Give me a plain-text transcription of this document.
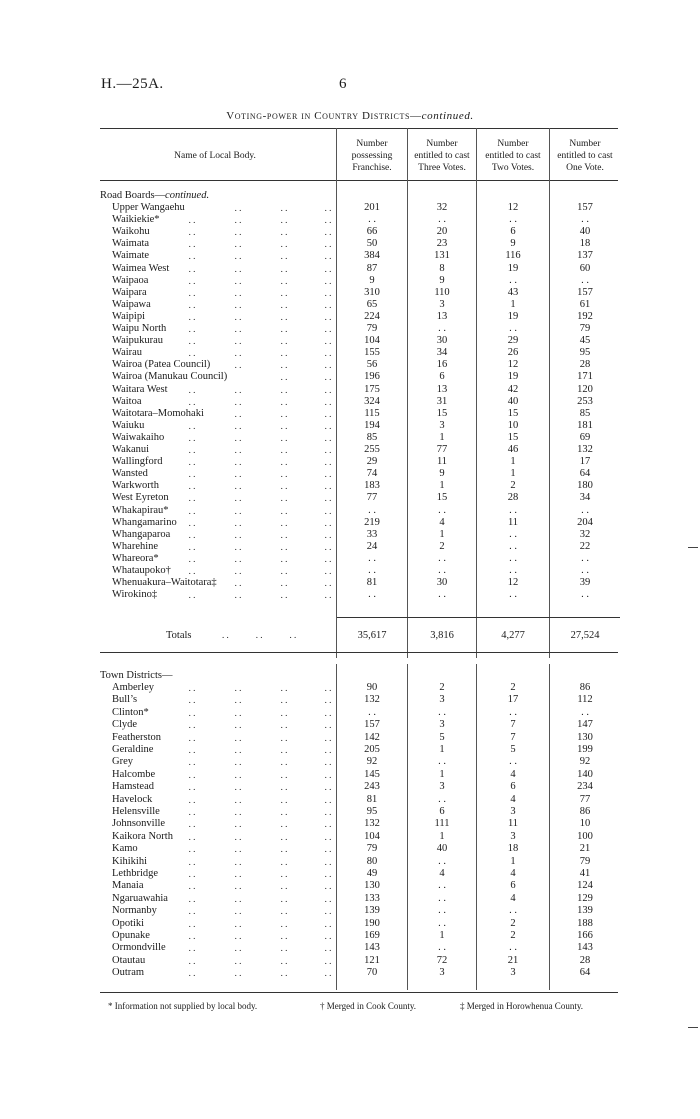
H.—25A.	6
Voting-power in Country Districts—continued.
Name of Local Body.
Number
possessing
Franchise.
Number
entitled to cast
Three Votes.
Number
entitled to cast
Two Votes.
Number
entitled to cast
One Vote.
Road Boards—continued.
Upper Wangaehu	. .	. .	. .	201	32	12	157
Waikiekie*	. .	. .	. .	. .	. .	. .	. .	. .
Waikohu	. .	. .	. .	. .	66	20	6	40
Waimata	. .	. .	. .	. .	50	23	9	18
Waimate	. .	. .	. .	. .	384	131	116	137
Waimea West	. .	. .	. .	. .	87	8	19	60
Waipaoa	. .	. .	. .	. .	9	9	. .	. .
Waipara	. .	. .	. .	. .	310	110	43	157
Waipawa	. .	. .	. .	. .	65	3	1	61
Waipipi	. .	. .	. .	. .	224	13	19	192
Waipu North	. .	. .	. .	. .	79	. .	. .	79
Waipukurau	. .	. .	. .	. .	104	30	29	45
Wairau	. .	. .	. .	. .	155	34	26	95
Wairoa (Patea Council)	. .	. .	. .	56	16	12	28
Wairoa (Manukau Council)	. .	. .	196	6	19	171
Waitara West	. .	. .	. .	. .	175	13	42	120
Waitoa	. .	. .	. .	. .	324	31	40	253
Waitotara–Momohaki	. .	. .	. .	115	15	15	85
Waiuku	. .	. .	. .	. .	194	3	10	181
Waiwakaiho	. .	. .	. .	. .	85	1	15	69
Wakanui	. .	. .	. .	. .	255	77	46	132
Wallingford	. .	. .	. .	. .	29	11	1	17
Wansted	. .	. .	. .	. .	74	9	1	64
Warkworth	. .	. .	. .	. .	183	1	2	180
West Eyreton	. .	. .	. .	. .	77	15	28	34
Whakapirau*	. .	. .	. .	. .	. .	. .	. .	. .
Whangamarino	. .	. .	. .	. .	219	4	11	204
Whangaparoa	. .	. .	. .	. .	33	1	. .	32
Wharehine	. .	. .	. .	. .	24	2	. .	22
Whareora*	. .	. .	. .	. .	. .	. .	. .	. .
Whataupoko†	. .	. .	. .	. .	. .	. .	. .	. .
Whenuakura–Waitotara‡	. .	. .	. .	81	30	12	39
Wirokino‡	. .	. .	. .	. .	. .	. .	. .	. .
Totals	. .            . .            . .	35,617	3,816	4,277	27,524
Town Districts—
Amberley	. .	. .	. .	. .	90	2	2	86
Bull’s	. .	. .	. .	. .	132	3	17	112
Clinton*	. .	. .	. .	. .	. .	. .	. .	. .
Clyde	. .	. .	. .	. .	157	3	7	147
Featherston	. .	. .	. .	. .	142	5	7	130
Geraldine	. .	. .	. .	. .	205	1	5	199
Grey	. .	. .	. .	. .	92	. .	. .	92
Halcombe	. .	. .	. .	. .	145	1	4	140
Hamstead	. .	. .	. .	. .	243	3	6	234
Havelock	. .	. .	. .	. .	81	. .	4	77
Helensville	. .	. .	. .	. .	95	6	3	86
Johnsonville	. .	. .	. .	. .	132	111	11	10
Kaikora North	. .	. .	. .	. .	104	1	3	100
Kamo	. .	. .	. .	. .	79	40	18	21
Kihikihi	. .	. .	. .	. .	80	. .	1	79
Lethbridge	. .	. .	. .	. .	49	4	4	41
Manaia	. .	. .	. .	. .	130	. .	6	124
Ngaruawahia	. .	. .	. .	. .	133	. .	4	129
Normanby	. .	. .	. .	. .	139	. .	. .	139
Opotiki	. .	. .	. .	. .	190	. .	2	188
Opunake	. .	. .	. .	. .	169	1	2	166
Ormondville	. .	. .	. .	. .	143	. .	. .	143
Otautau	. .	. .	. .	. .	121	72	21	28
Outram	. .	. .	. .	. .	70	3	3	64
* Information not supplied by local body.	† Merged in Cook County.	‡ Merged in Horowhenua County.
